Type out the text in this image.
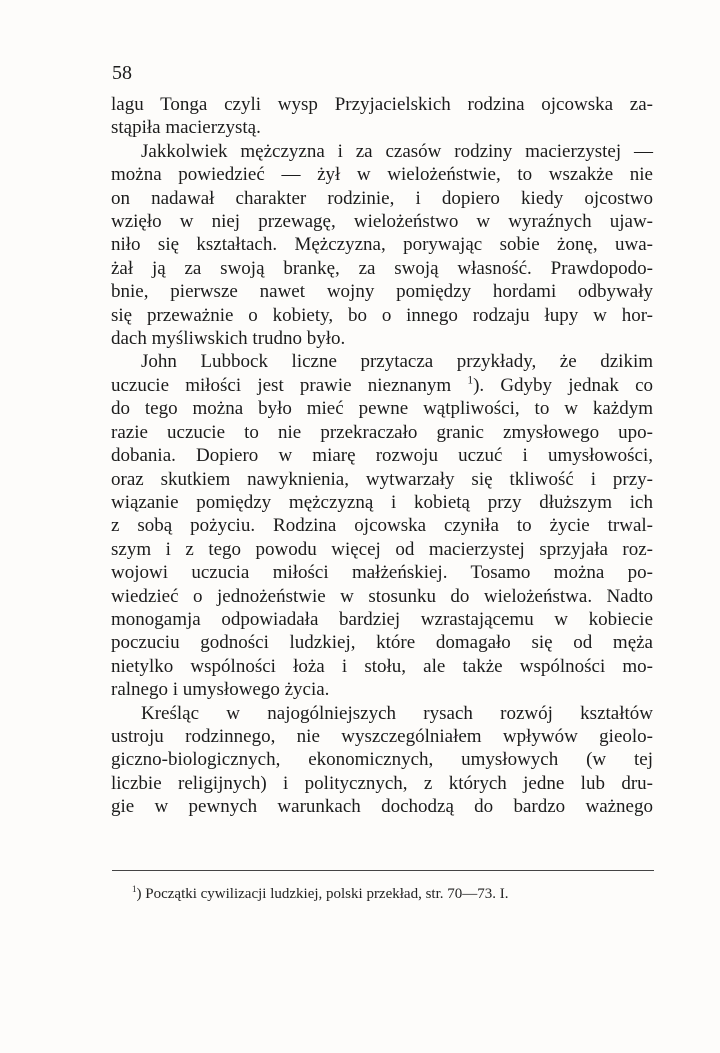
58
lagu Tonga czyli wysp Przyjacielskich rodzina ojcowska za-
stąpiła macierzystą.
Jakkolwiek mężczyzna i za czasów rodziny macierzystej —
można powiedzieć — żył w wielożeństwie, to wszakże nie
on nadawał charakter rodzinie, i dopiero kiedy ojcostwo
wzięło w niej przewagę, wielożeństwo w wyraźnych ujaw-
niło się kształtach. Mężczyzna, porywając sobie żonę, uwa-
żał ją za swoją brankę, za swoją własność. Prawdopodo-
bnie, pierwsze nawet wojny pomiędzy hordami odbywały
się przeważnie o kobiety, bo o innego rodzaju łupy w hor-
dach myśliwskich trudno było.
John Lubbock liczne przytacza przykłady, że dzikim
uczucie miłości jest prawie nieznanym $^1$). Gdyby jednak co
do tego można było mieć pewne wątpliwości, to w każdym
razie uczucie to nie przekraczało granic zmysłowego upo-
dobania. Dopiero w miarę rozwoju uczuć i umysłowości,
oraz skutkiem nawyknienia, wytwarzały się tkliwość i przy-
wiązanie pomiędzy mężczyzną i kobietą przy dłuższym ich
z sobą pożyciu. Rodzina ojcowska czyniła to życie trwal-
szym i z tego powodu więcej od macierzystej sprzyjała roz-
wojowi uczucia miłości małżeńskiej. Tosamo można po-
wiedzieć o jednożeństwie w stosunku do wielożeństwa. Nadto
monogamja odpowiadała bardziej wzrastającemu w kobiecie
poczuciu godności ludzkiej, które domagało się od męża
nietylko wspólności łoża i stołu, ale także wspólności mo-
ralnego i umysłowego życia.
Kreśląc w najogólniejszych rysach rozwój kształtów
ustroju rodzinnego, nie wyszczególniałem wpływów gieolo-
giczno-biologicznych, ekonomicznych, umysłowych (w tej
liczbie religijnych) i politycznych, z których jedne lub dru-
gie w pewnych warunkach dochodzą do bardzo ważnego
$^1$) Początki cywilizacji ludzkiej, polski przekład, str. 70—73. I.
